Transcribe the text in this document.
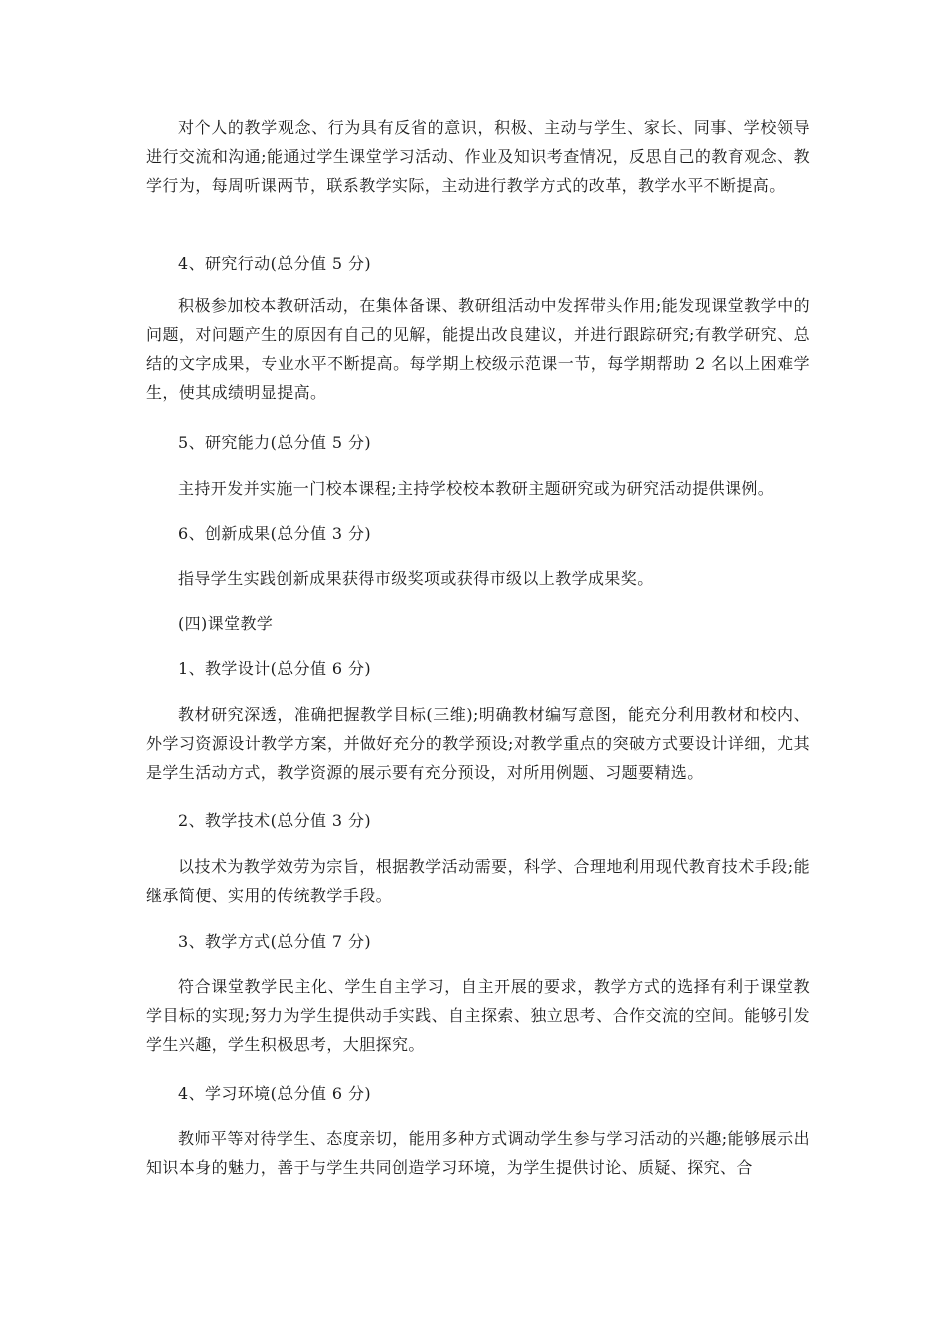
对个人的教学观念、行为具有反省的意识，积极、主动与学生、家长、同事、学校领导进行交流和沟通;能通过学生课堂学习活动、作业及知识考查情况，反思自己的教育观念、教学行为，每周听课两节，联系教学实际，主动进行教学方式的改革，教学水平不断提高。

4、研究行动(总分值 5 分)

积极参加校本教研活动，在集体备课、教研组活动中发挥带头作用;能发现课堂教学中的问题，对问题产生的原因有自己的见解，能提出改良建议，并进行跟踪研究;有教学研究、总结的文字成果，专业水平不断提高。每学期上校级示范课一节，每学期帮助 2 名以上困难学生，使其成绩明显提高。

5、研究能力(总分值 5 分)

主持开发并实施一门校本课程;主持学校校本教研主题研究或为研究活动提供课例。

6、创新成果(总分值 3 分)

指导学生实践创新成果获得市级奖项或获得市级以上教学成果奖。

(四)课堂教学

1、教学设计(总分值 6 分)

教材研究深透，准确把握教学目标(三维);明确教材编写意图，能充分利用教材和校内、外学习资源设计教学方案，并做好充分的教学预设;对教学重点的突破方式要设计详细，尤其是学生活动方式，教学资源的展示要有充分预设，对所用例题、习题要精选。

2、教学技术(总分值 3 分)

以技术为教学效劳为宗旨，根据教学活动需要，科学、合理地利用现代教育技术手段;能继承简便、实用的传统教学手段。

3、教学方式(总分值 7 分)

符合课堂教学民主化、学生自主学习，自主开展的要求，教学方式的选择有利于课堂教学目标的实现;努力为学生提供动手实践、自主探索、独立思考、合作交流的空间。能够引发学生兴趣，学生积极思考，大胆探究。

4、学习环境(总分值 6 分)

教师平等对待学生、态度亲切，能用多种方式调动学生参与学习活动的兴趣;能够展示出知识本身的魅力，善于与学生共同创造学习环境，为学生提供讨论、质疑、探究、合
